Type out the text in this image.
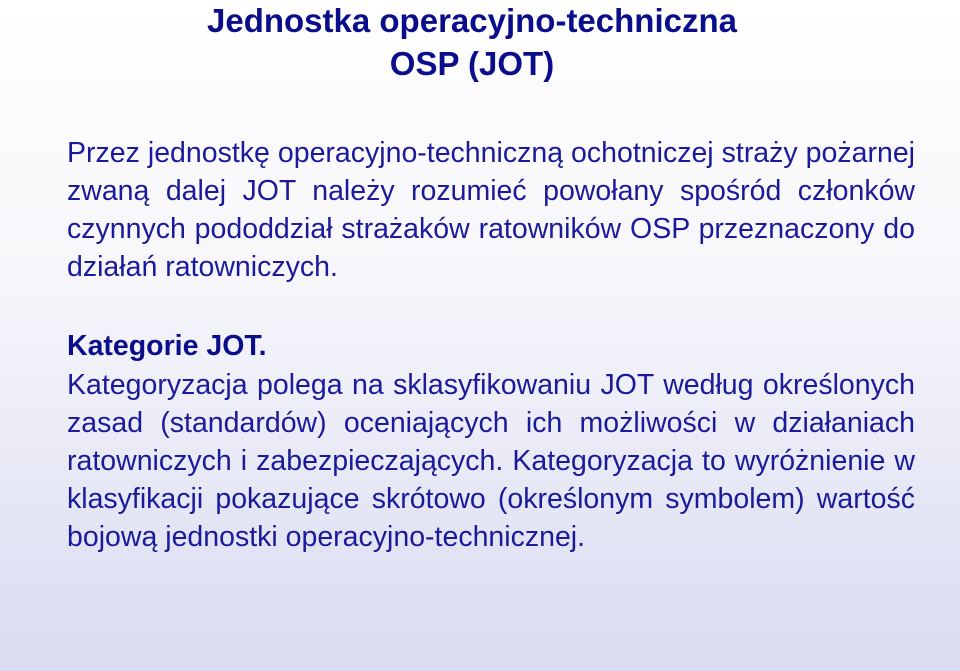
Jednostka operacyjno-techniczna
OSP (JOT)
Przez jednostkę operacyjno-techniczną ochotniczej straży pożarnej zwaną dalej JOT należy rozumieć powołany spośród członków czynnych pododdział strażaków ratowników OSP przeznaczony do działań ratowniczych.
Kategorie JOT.
Kategoryzacja polega na sklasyfikowaniu JOT według określonych zasad (standardów) oceniających ich możliwości w działaniach ratowniczych i zabezpieczających. Kategoryzacja to wyróżnienie w klasyfikacji pokazujące skrótowo (określonym symbolem) wartość bojową jednostki operacyjno-technicznej.
